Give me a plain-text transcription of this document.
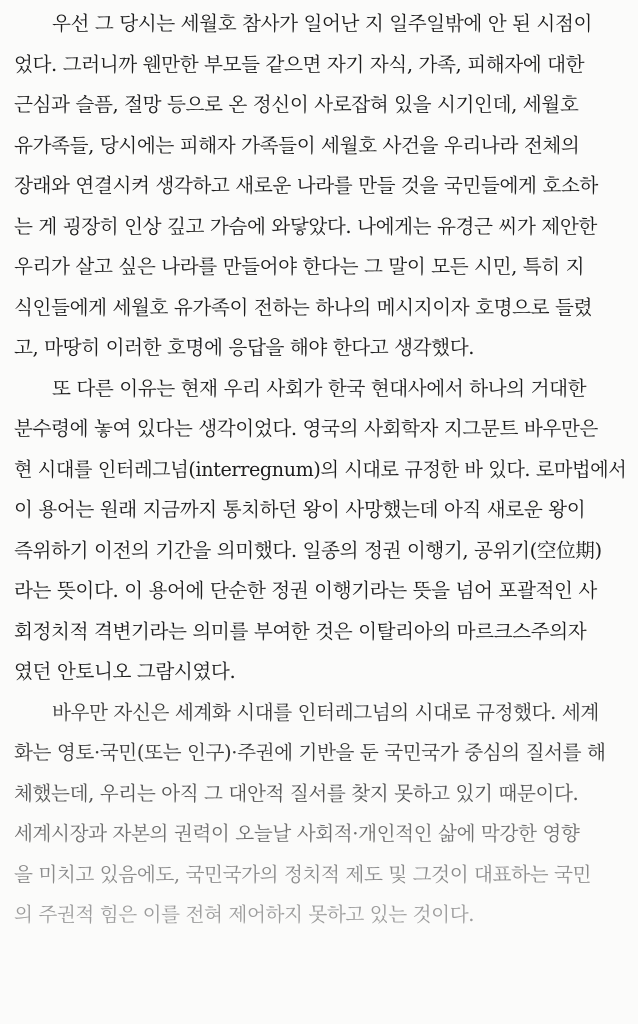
우선 그 당시는 세월호 참사가 일어난 지 일주일밖에 안 된 시점이
었다. 그러니까 웬만한 부모들 같으면 자기 자식, 가족, 피해자에 대한
근심과 슬픔, 절망 등으로 온 정신이 사로잡혀 있을 시기인데, 세월호
유가족들, 당시에는 피해자 가족들이 세월호 사건을 우리나라 전체의
장래와 연결시켜 생각하고 새로운 나라를 만들 것을 국민들에게 호소하
는 게 굉장히 인상 깊고 가슴에 와닿았다. 나에게는 유경근 씨가 제안한
우리가 살고 싶은 나라를 만들어야 한다는 그 말이 모든 시민, 특히 지
식인들에게 세월호 유가족이 전하는 하나의 메시지이자 호명으로 들렸
고, 마땅히 이러한 호명에 응답을 해야 한다고 생각했다.
또 다른 이유는 현재 우리 사회가 한국 현대사에서 하나의 거대한
분수령에 놓여 있다는 생각이었다. 영국의 사회학자 지그문트 바우만은
현 시대를 인터레그넘(interregnum)의 시대로 규정한 바 있다. 로마법에서
이 용어는 원래 지금까지 통치하던 왕이 사망했는데 아직 새로운 왕이
즉위하기 이전의 기간을 의미했다. 일종의 정권 이행기, 공위기(空位期)
라는 뜻이다. 이 용어에 단순한 정권 이행기라는 뜻을 넘어 포괄적인 사
회정치적 격변기라는 의미를 부여한 것은 이탈리아의 마르크스주의자
였던 안토니오 그람시였다.
바우만 자신은 세계화 시대를 인터레그넘의 시대로 규정했다. 세계
화는 영토·국민(또는 인구)·주권에 기반을 둔 국민국가 중심의 질서를 해
체했는데, 우리는 아직 그 대안적 질서를 찾지 못하고 있기 때문이다.
세계시장과 자본의 권력이 오늘날 사회적·개인적인 삶에 막강한 영향
을 미치고 있음에도, 국민국가의 정치적 제도 및 그것이 대표하는 국민
의 주권적 힘은 이를 전혀 제어하지 못하고 있는 것이다.
